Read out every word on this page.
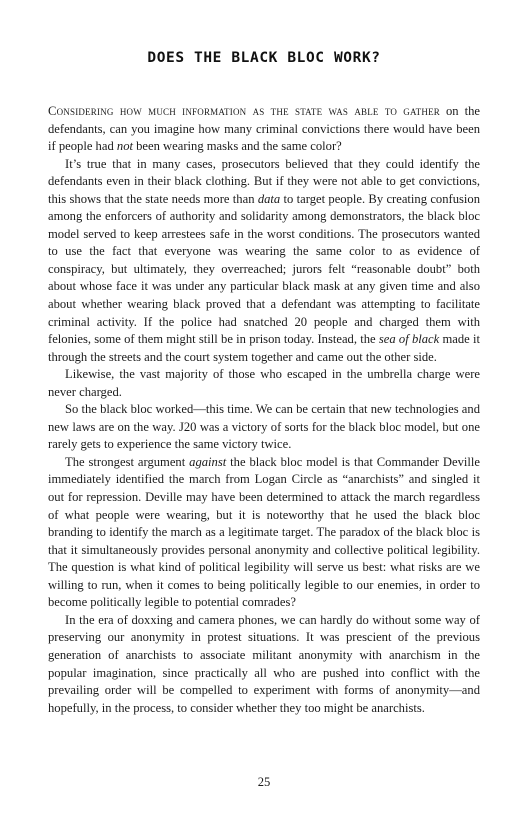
DOES THE BLACK BLOC WORK?

Considering how much information as the state was able to gather on the defendants, can you imagine how many criminal convictions there would have been if people had not been wearing masks and the same color?

It’s true that in many cases, prosecutors believed that they could identify the defendants even in their black clothing. But if they were not able to get convictions, this shows that the state needs more than data to target people. By creating confusion among the enforcers of authority and solidarity among demonstrators, the black bloc model served to keep arrestees safe in the worst conditions. The prosecutors wanted to use the fact that everyone was wearing the same color to as evidence of conspiracy, but ultimately, they overreached; jurors felt “reasonable doubt” both about whose face it was under any particular black mask at any given time and also about whether wearing black proved that a defendant was attempting to facilitate criminal activity. If the police had snatched 20 people and charged them with felonies, some of them might still be in prison today. Instead, the sea of black made it through the streets and the court system together and came out the other side.

Likewise, the vast majority of those who escaped in the umbrella charge were never charged.

So the black bloc worked—this time. We can be certain that new technologies and new laws are on the way. J20 was a victory of sorts for the black bloc model, but one rarely gets to experience the same victory twice.

The strongest argument against the black bloc model is that Commander Deville immediately identified the march from Logan Circle as “anarchists” and singled it out for repression. Deville may have been determined to attack the march regardless of what people were wearing, but it is noteworthy that he used the black bloc branding to identify the march as a legitimate target. The paradox of the black bloc is that it simultaneously provides personal anonymity and collective political legibility. The question is what kind of political legibility will serve us best: what risks are we willing to run, when it comes to being politically legible to our enemies, in order to become politically legible to potential comrades?

In the era of doxxing and camera phones, we can hardly do without some way of preserving our anonymity in protest situations. It was prescient of the previous generation of anarchists to associate militant anonymity with anarchism in the popular imagination, since practically all who are pushed into conflict with the prevailing order will be compelled to experiment with forms of anonymity—and hopefully, in the process, to consider whether they too might be anarchists.

25
